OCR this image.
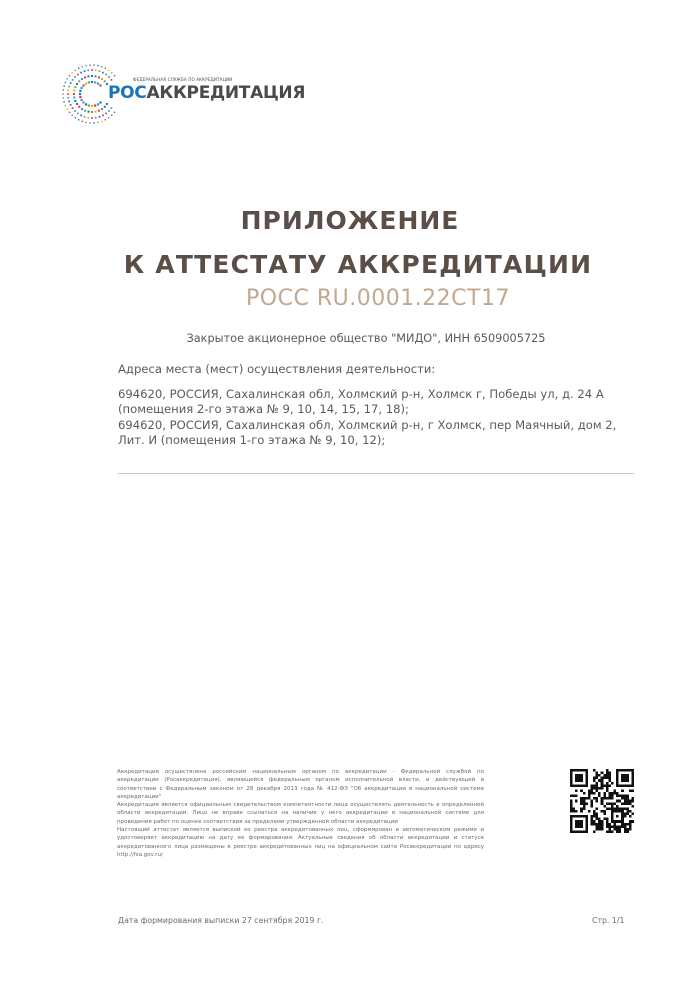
ФЕДЕРАЛЬНАЯ СЛУЖБА ПО АККРЕДИТАЦИИ
РОСАККРЕДИТАЦИЯ
ПРИЛОЖЕНИЕ
К АТТЕСТАТУ АККРЕДИТАЦИИ
РОСС RU.0001.22СТ17
Закрытое акционерное общество "МИДО", ИНН 6509005725
Адреса места (мест) осуществления деятельности:
694620, РОССИЯ, Сахалинская обл, Холмский р-н, Холмск г, Победы ул, д. 24 А (помещения 2-го этажа № 9, 10, 14, 15, 17, 18);
694620, РОССИЯ, Сахалинская обл, Холмский р-н, г Холмск, пер Маячный, дом 2, Лит. И (помещения 1-го этажа № 9, 10, 12);

Аккредитация осуществлена российским национальным органом по аккредитации - Федеральной службой по аккредитации (Росаккредитация), являющейся федеральным органом исполнительной власти, и действующей в соответствии с Федеральным законом от 28 декабря 2013 года № 412-ФЗ "Об аккредитации в национальной системе аккредитации"

Аккредитация является официальным свидетельством компетентности лица осуществлять деятельность в определенной области аккредитации. Лицо не вправе ссылаться на наличие у него аккредитации в национальной системе для проведения работ по оценке соответствия за пределами утвержденной области аккредитации

Настоящий аттестат является выпиской из реестра аккредитованных лиц, сформирован в автоматическом режиме и удостоверяет аккредитацию на дату ее формирования. Актуальные сведения об области аккредитации и статусе аккредитованного лица размещены в реестре аккредитованных лиц на официальном сайте Росаккредитации по адресу http://fsa.gov.ru/

Дата формирования выписки 27 сентября 2019 г.	Стр. 1/1
